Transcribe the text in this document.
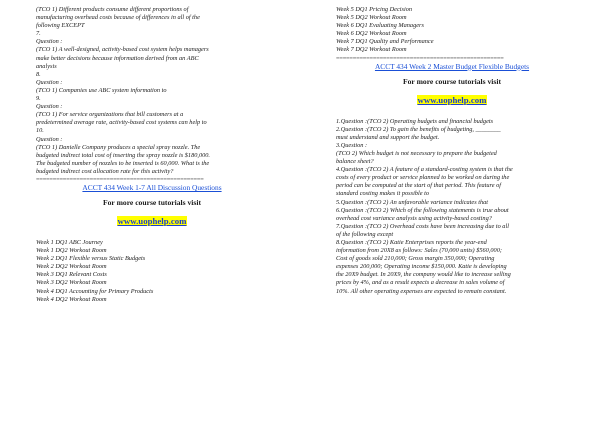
(TCO 1) Different products consume different proportions of
manufacturing overhead costs because of differences in all of the
following EXCEPT
7.
Question :
(TCO 1) A well-designed, activity-based cost system helps managers
make better decisions because information derived from an ABC
analysis
8.
Question :
(TCO 1) Companies use ABC system information to
9.
Question :
(TCO 1) For service organizations that bill customers at a
predetermined average rate, activity-based cost systems can help to
10.
Question :
(TCO 1) Danielle Company produces a special spray nozzle. The
budgeted indirect total cost of inserting the spray nozzle is $180,000.
The budgeted number of nozzles to be inserted is 60,000. What is the
budgeted indirect cost allocation rate for this activity?
==================================================
ACCT 434 Week 1-7 All Discussion Questions
For more course tutorials visit
www.uophelp.com
Week 1 DQ1 ABC Journey
Week 1 DQ2 Workout Room
Week 2 DQ1 Flexible versus Static Budgets
Week 2 DQ2 Workout Room
Week 3 DQ1 Relevant Costs
Week 3 DQ2 Workout Room
Week 4 DQ1 Accounting for Primary Products
Week 4 DQ2 Workout Room
Week 5 DQ1 Pricing Decision
Week 5 DQ2 Workout Room
Week 6 DQ1 Evaluating Managers
Week 6 DQ2 Workout Room
Week 7 DQ1 Quality and Performance
Week 7 DQ2 Workout Room
==================================================
ACCT 434 Week 2 Master Budget Flexible Budgets
For more course tutorials visit
www.uophelp.com
1.Question :(TCO 2) Operating budgets and financial budgets
2.Question :(TCO 2) To gain the benefits of budgeting, ________
must understand and support the budget.
3.Question :
(TCO 2) Which budget is not necessary to prepare the budgeted
balance sheet?
4.Question :(TCO 2) A feature of a standard-costing system is that the
costs of every product or service planned to be worked on during the
period can be computed at the start of that period. This feature of
standard costing makes it possible to
5.Question :(TCO 2) An unfavorable variance indicates that
6.Question :(TCO 2) Which of the following statements is true about
overhead cost variance analysis using activity-based costing?
7.Question :(TCO 2) Overhead costs have been increasing due to all
of the following except
8.Question :(TCO 2) Katie Enterprises reports the year-end
information from 20X8 as follows: Sales (70,000 units) $560,000;
Cost of goods sold 210,000; Gross margin 350,000; Operating
expenses 200,000; Operating income $150,000. Katie is developing
the 20X9 budget. In 20X9, the company would like to increase selling
prices by 4%, and as a result expects a decrease in sales volume of
10%. All other operating expenses are expected to remain constant.
